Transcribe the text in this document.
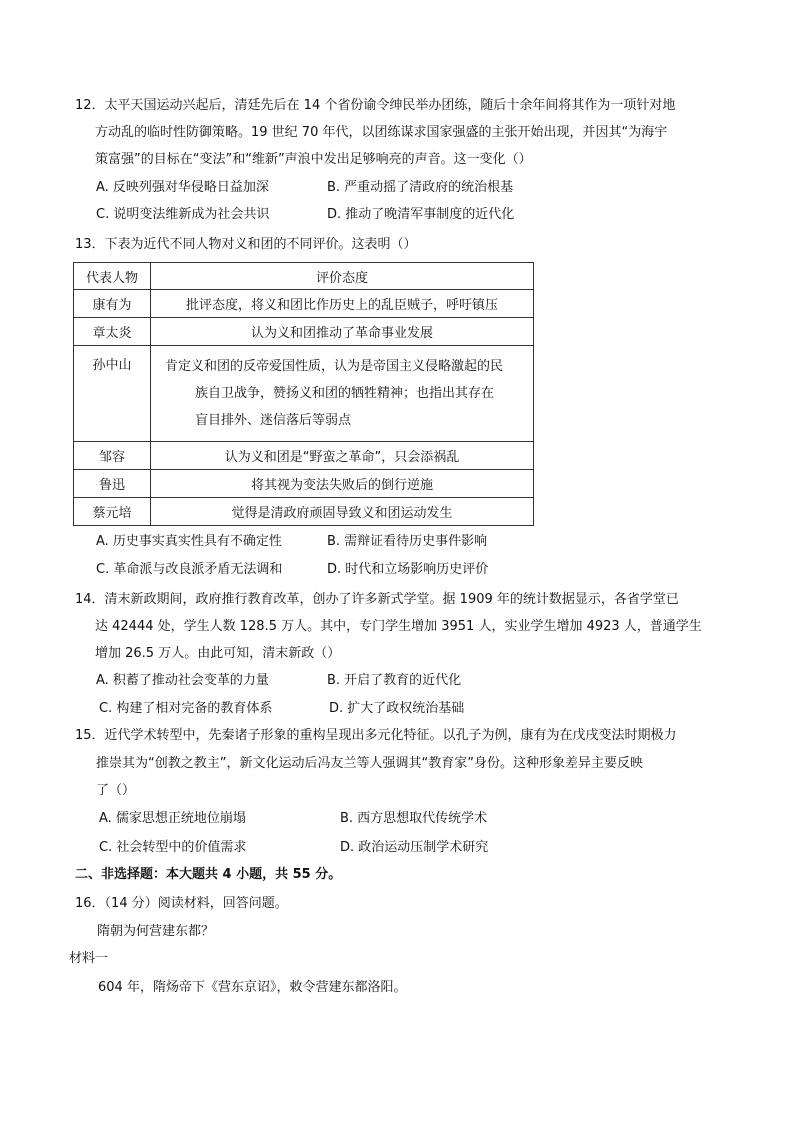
12．太平天国运动兴起后，清廷先后在 14 个省份谕令绅民举办团练，随后十余年间将其作为一项针对地
方动乱的临时性防御策略。19 世纪 70 年代，以团练谋求国家强盛的主张开始出现，并因其“为海宇
策富强”的目标在“变法”和“维新”声浪中发出足够响亮的声音。这一变化（）
A. 反映列强对华侵略日益加深	B. 严重动摇了清政府的统治根基
C. 说明变法维新成为社会共识	D. 推动了晚清军事制度的近代化
13．下表为近代不同人物对义和团的不同评价。这表明（）
代表人物	评价态度
康有为	批评态度，将义和团比作历史上的乱臣贼子，呼吁镇压
章太炎	认为义和团推动了革命事业发展
孙中山	肯定义和团的反帝爱国性质，认为是帝国主义侵略激起的民
族自卫战争，赞扬义和团的牺牲精神；也指出其存在
盲目排外、迷信落后等弱点

邹容	认为义和团是“野蛮之革命”，只会添祸乱
鲁迅	将其视为变法失败后的倒行逆施
蔡元培	觉得是清政府顽固导致义和团运动发生
A. 历史事实真实性具有不确定性	B. 需辩证看待历史事件影响
C. 革命派与改良派矛盾无法调和	D. 时代和立场影响历史评价
14．清末新政期间，政府推行教育改革，创办了许多新式学堂。据 1909 年的统计数据显示，各省学堂已
达 42444 处，学生人数 128.5 万人。其中，专门学生增加 3951 人，实业学生增加 4923 人，普通学生
增加 26.5 万人。由此可知，清末新政（）
A. 积蓄了推动社会变革的力量	B. 开启了教育的近代化
C. 构建了相对完备的教育体系	D. 扩大了政权统治基础
15．近代学术转型中，先秦诸子形象的重构呈现出多元化特征。以孔子为例，康有为在戊戌变法时期极力
推崇其为“创教之教主”，新文化运动后冯友兰等人强调其“教育家”身份。这种形象差异主要反映
了（）
A. 儒家思想正统地位崩塌	B. 西方思想取代传统学术
C. 社会转型中的价值需求	D. 政治运动压制学术研究
二、非选择题：本大题共 4 小题，共 55 分。
16．（14 分）阅读材料，回答问题。
隋朝为何营建东都？
材料一
604 年，隋炀帝下《营东京诏》，敕令营建东都洛阳。
